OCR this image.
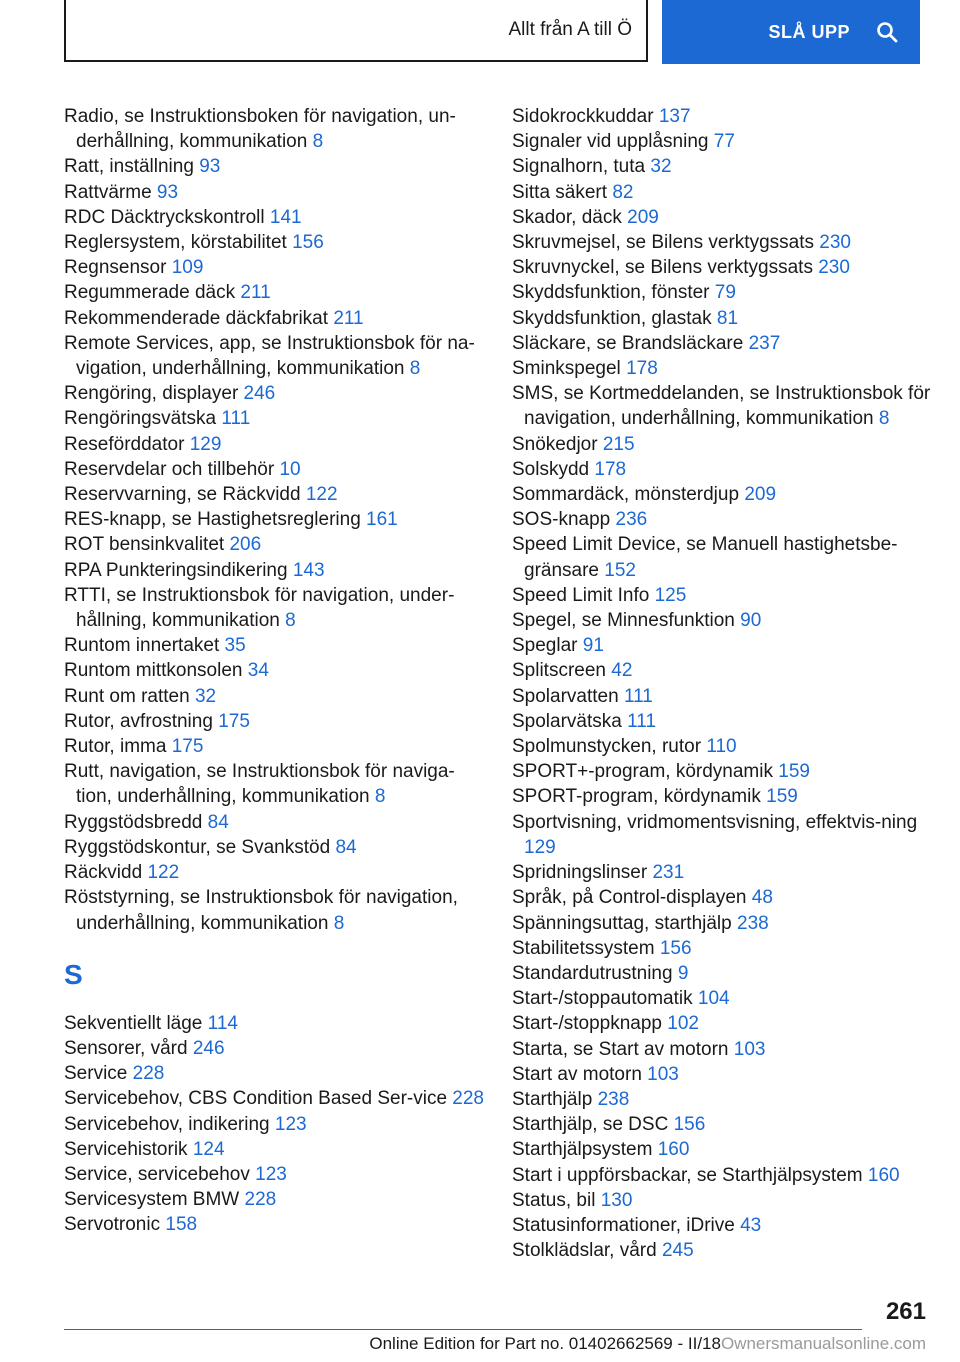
Allt från A till Ö	SLÅ UPP
Radio, se Instruktionsboken för navigation, un-derhållning, kommunikation 8
Ratt, inställning 93
Rattvärme 93
RDC Däcktryckskontroll 141
Reglersystem, körstabilitet 156
Regnsensor 109
Regummerade däck 211
Rekommenderade däckfabrikat 211
Remote Services, app, se Instruktionsbok för na-vigation, underhållning, kommunikation 8
Rengöring, displayer 246
Rengöringsvätska 111
Reseförddator 129
Reservdelar och tillbehör 10
Reservvarning, se Räckvidd 122
RES-knapp, se Hastighetsreglering 161
ROT bensinkvalitet 206
RPA Punkteringsindikering 143
RTTI, se Instruktionsbok för navigation, under-hållning, kommunikation 8
Runtom innertaket 35
Runtom mittkonsolen 34
Runt om ratten 32
Rutor, avfrostning 175
Rutor, imma 175
Rutt, navigation, se Instruktionsbok för naviga-tion, underhållning, kommunikation 8
Ryggstödsbredd 84
Ryggstödskontur, se Svankstöd 84
Räckvidd 122
Röststyrning, se Instruktionsbok för navigation, underhållning, kommunikation 8
S
Sekventiellt läge 114
Sensorer, vård 246
Service 228
Servicebehov, CBS Condition Based Ser-vice 228
Servicebehov, indikering 123
Servicehistorik 124
Service, servicebehov 123
Servicesystem BMW 228
Servotronic 158
Sidokrockkuddar 137
Signaler vid upplåsning 77
Signalhorn, tuta 32
Sitta säkert 82
Skador, däck 209
Skruvmejsel, se Bilens verktygssats 230
Skruvnyckel, se Bilens verktygssats 230
Skyddsfunktion, fönster 79
Skyddsfunktion, glastak 81
Släckare, se Brandsläckare 237
Sminkspegel 178
SMS, se Kortmeddelanden, se Instruktionsbok för navigation, underhållning, kommunikation 8
Snökedjor 215
Solskydd 178
Sommardäck, mönsterdjup 209
SOS-knapp 236
Speed Limit Device, se Manuell hastighetsbe-gränsare 152
Speed Limit Info 125
Spegel, se Minnesfunktion 90
Speglar 91
Splitscreen 42
Spolarvatten 111
Spolarvätska 111
Spolmunstycken, rutor 110
SPORT+-program, kördynamik 159
SPORT-program, kördynamik 159
Sportvisning, vridmomentsvisning, effektvis-ning 129
Spridningslinser 231
Språk, på Control-displayen 48
Spänningsuttag, starthjälp 238
Stabilitetssystem 156
Standardutrustning 9
Start-/stoppautomatik 104
Start-/stoppknapp 102
Starta, se Start av motorn 103
Start av motorn 103
Starthjälp 238
Starthjälp, se DSC 156
Starthjälpsystem 160
Start i uppförsbackar, se Starthjälpsystem 160
Status, bil 130
Statusinformationer, iDrive 43
Stolklädslar, vård 245
261
Online Edition for Part no. 01402662569 - II/18Ownersmanualsonline.com
